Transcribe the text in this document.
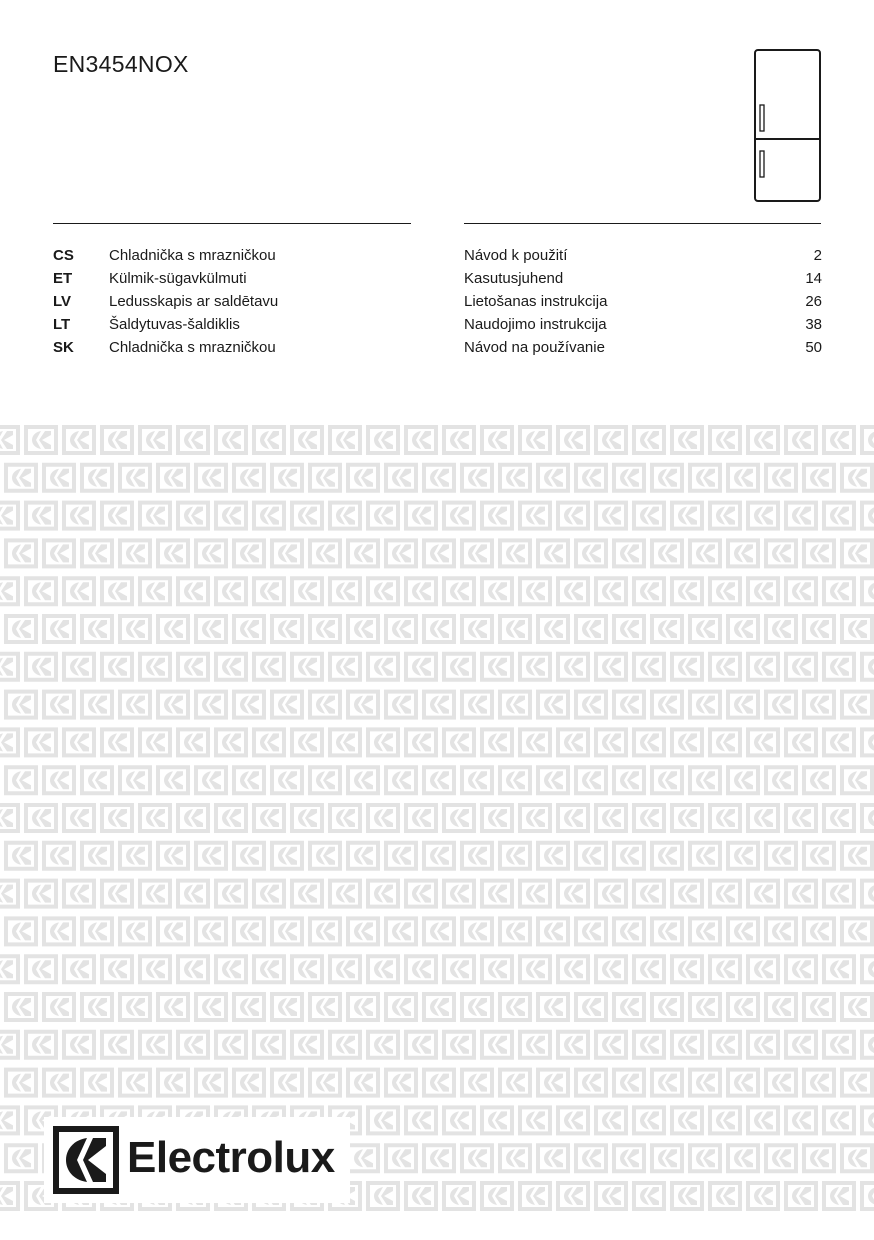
EN3454NOX
CS Chladnička s mrazničkou	Návod k použití	2
ET Külmik-sügavkülmuti	Kasutusjuhend	14
LV	Ledusskapis ar saldētavu	Lietošanas instrukcija	26
LT	Šaldytuvas-šaldiklis	Naudojimo instrukcija	38
SK Chladnička s mrazničkou	Návod na používanie	50
Electrolux
